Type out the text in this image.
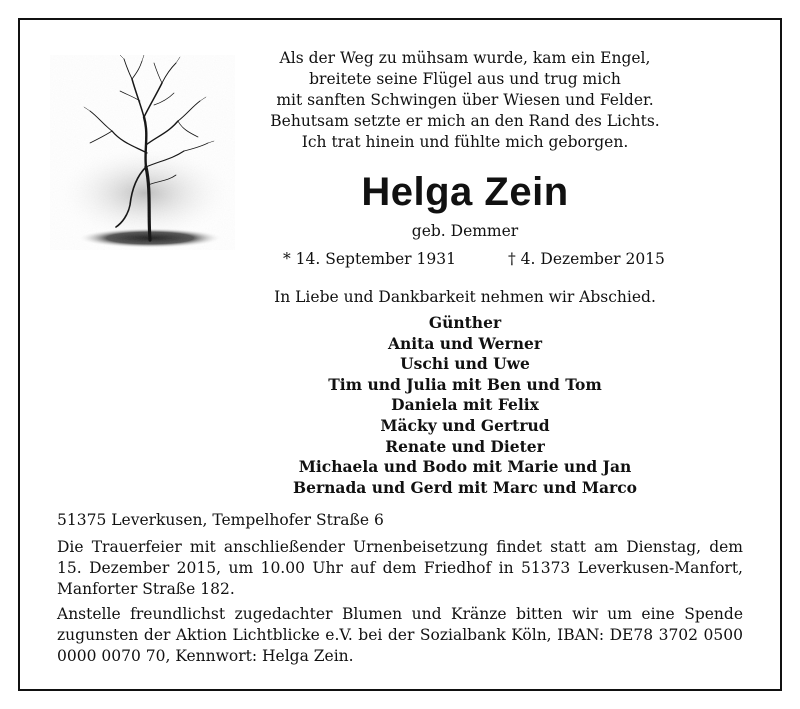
Als der Weg zu mühsam wurde, kam ein Engel,
breitete seine Flügel aus und trug mich
mit sanften Schwingen über Wiesen und Felder.
Behutsam setzte er mich an den Rand des Lichts.
Ich trat hinein und fühlte mich geborgen.
Helga Zein
geb. Demmer
* 14. September 1931	† 4. Dezember 2015
In Liebe und Dankbarkeit nehmen wir Abschied.
Günther
Anita und Werner
Uschi und Uwe
Tim und Julia mit Ben und Tom
Daniela mit Felix
Mäcky und Gertrud
Renate und Dieter
Michaela und Bodo mit Marie und Jan
Bernada und Gerd mit Marc und Marco
51375 Leverkusen, Tempelhofer Straße 6

Die Trauerfeier mit anschließender Urnenbeisetzung findet statt am Dienstag, dem 15. Dezember 2015, um 10.00 Uhr auf dem Friedhof in 51373 Leverkusen-Manfort, Manforter Straße 182.

Anstelle freundlichst zugedachter Blumen und Kränze bitten wir um eine Spende zugunsten der Aktion Lichtblicke e.V. bei der Sozialbank Köln, IBAN: DE78 3702 0500 0000 0070 70, Kennwort: Helga Zein.
